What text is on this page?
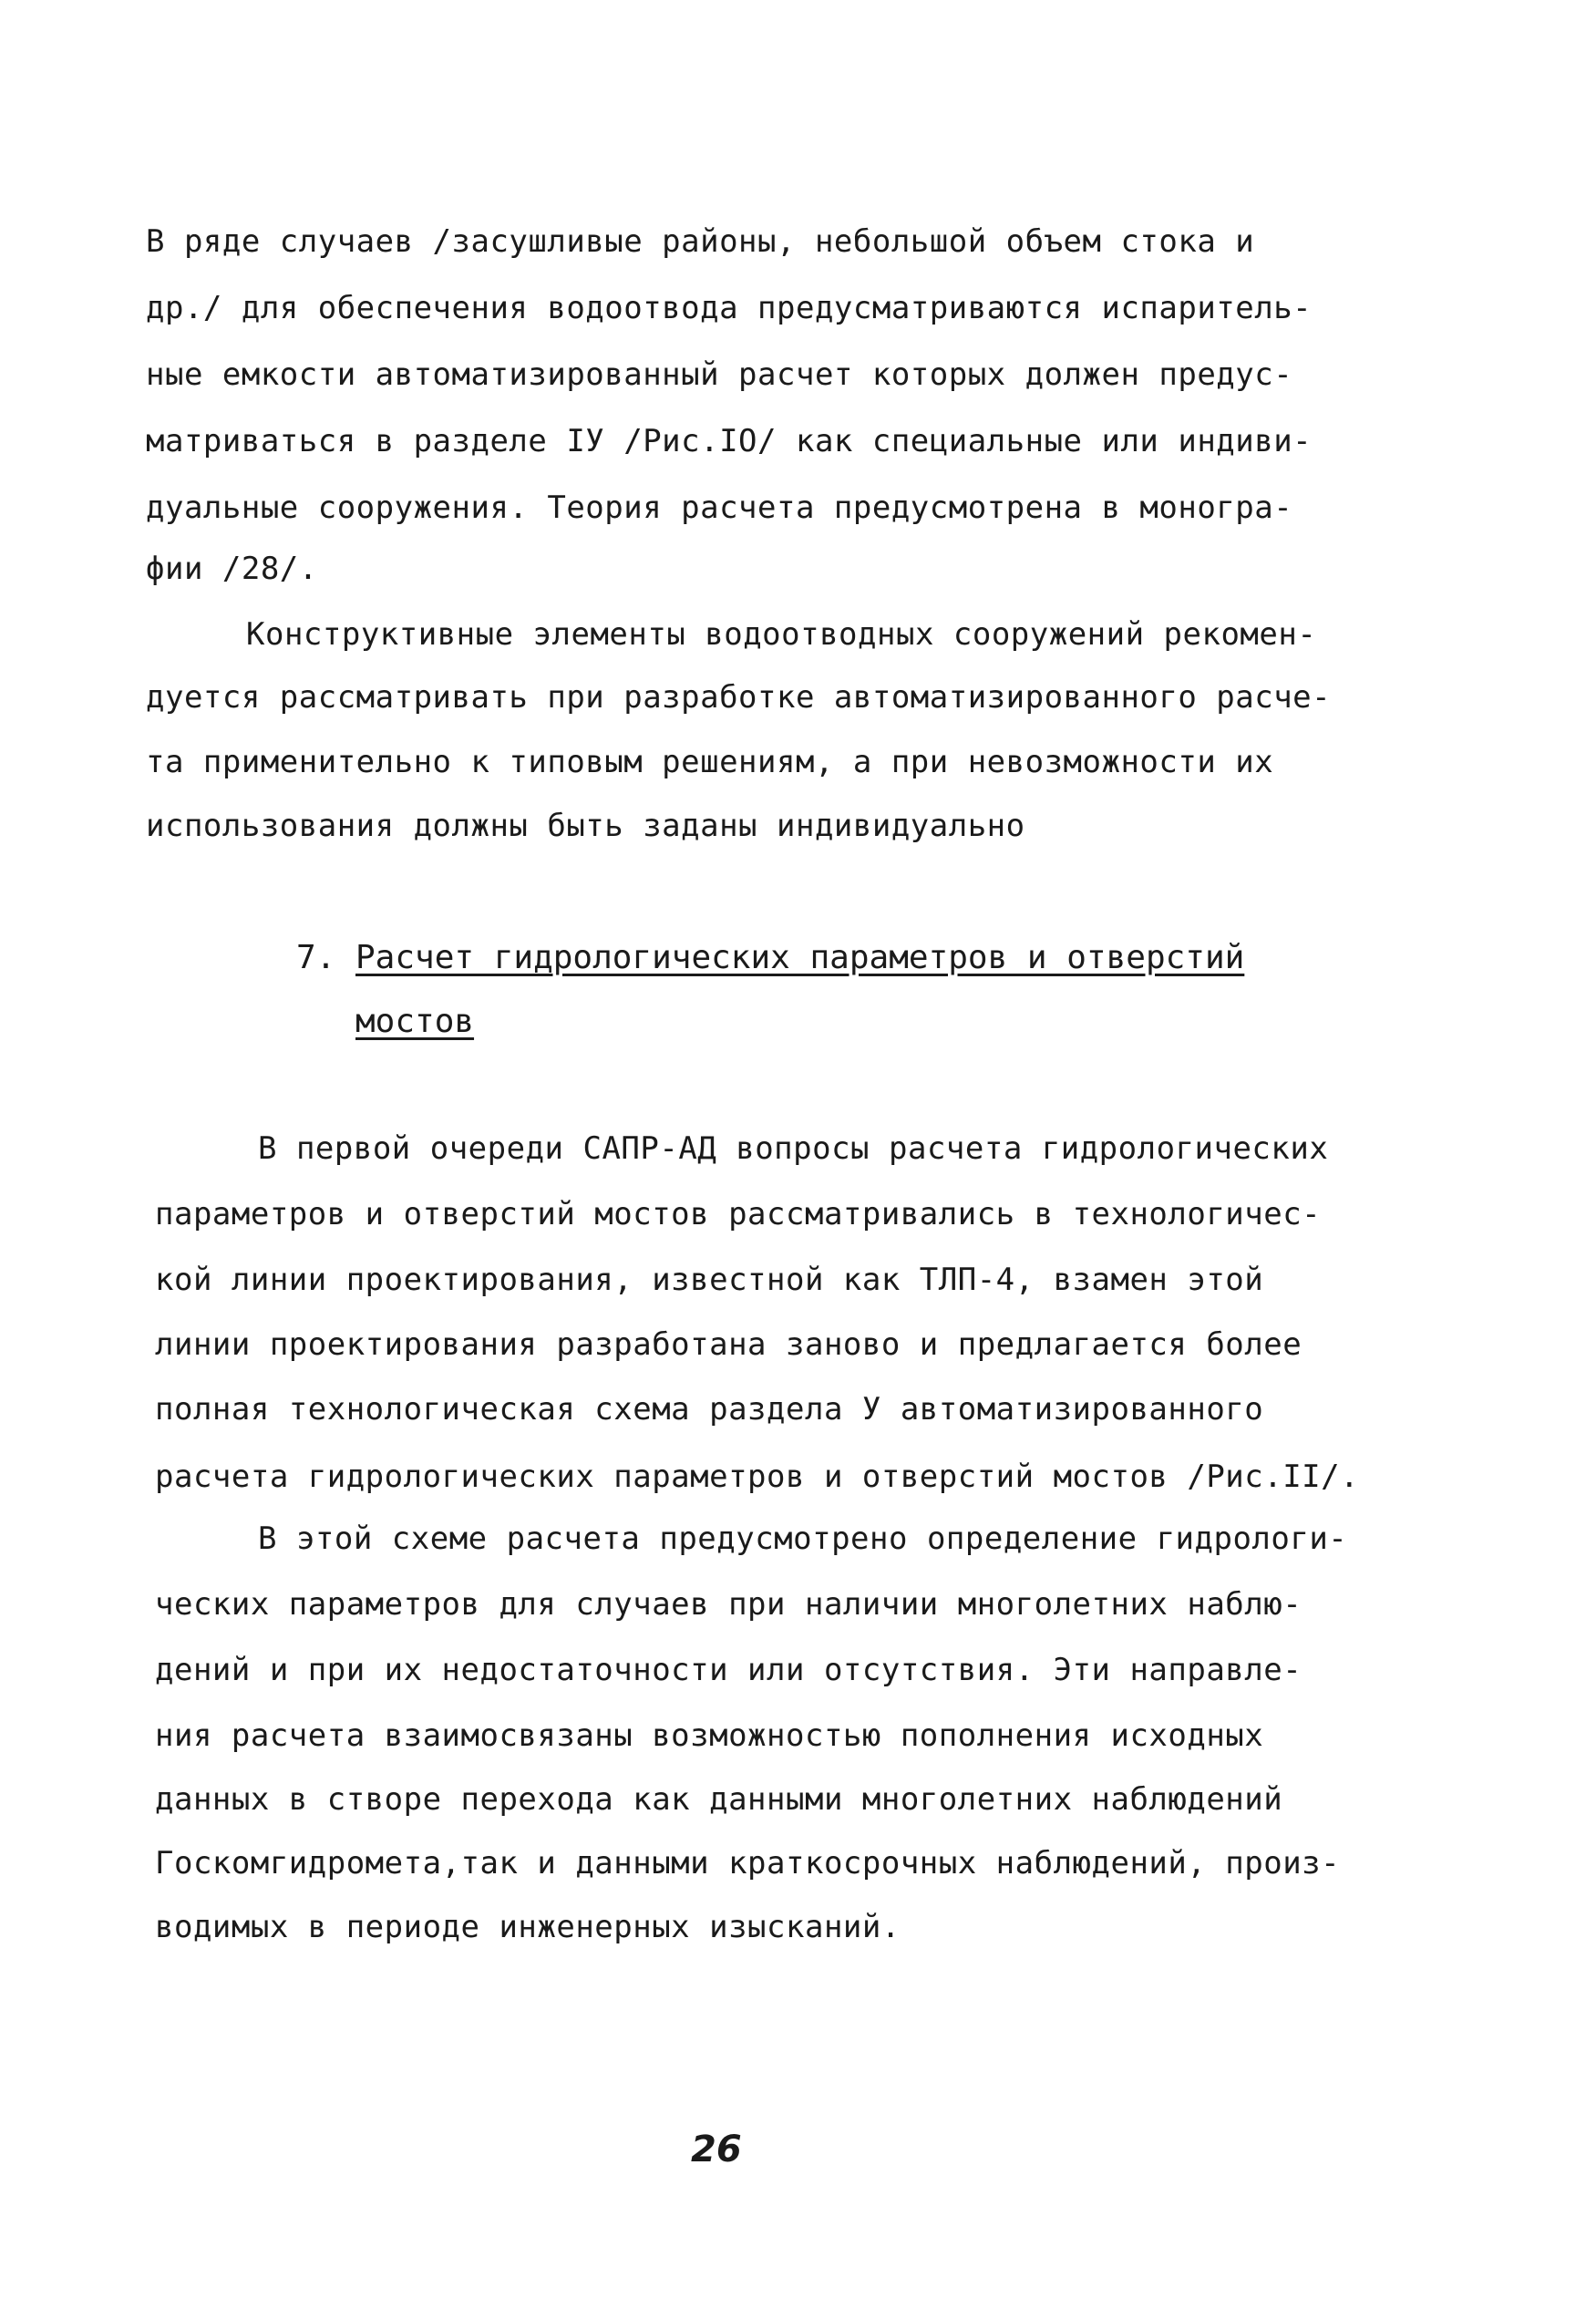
В ряде случаев /засушливые районы, небольшой объем стока и
др./ для обеспечения водоотвода предусматриваются испаритель-
ные емкости автоматизированный расчет которых должен предус-
матриваться в разделе IУ /Рис.IO/ как специальные или индиви-
дуальные сооружения. Теория расчета предусмотрена в моногра-
фии /28/.
Конструктивные элементы водоотводных сооружений рекомен-
дуется рассматривать при разработке автоматизированного расче-
та применительно к типовым решениям, а при невозможности их
использования должны быть заданы индивидуально
7. Расчет гидрологических параметров и отверстий
мостов
В первой очереди САПР-АД вопросы расчета гидрологических
параметров и отверстий мостов рассматривались в технологичес-
кой линии проектирования, известной как ТЛП-4, взамен этой
линии проектирования разработана заново и предлагается более
полная технологическая схема раздела У автоматизированного
расчета гидрологических параметров и отверстий мостов /Рис.II/.
В этой схеме расчета предусмотрено определение гидрологи-
ческих параметров для случаев при наличии многолетних наблю-
дений и при их недостаточности или отсутствия. Эти направле-
ния расчета взаимосвязаны возможностью пополнения исходных
данных в створе перехода как данными многолетних наблюдений
Госкомгидромета,так и данными краткосрочных наблюдений, произ-
водимых в периоде инженерных изысканий.
26
